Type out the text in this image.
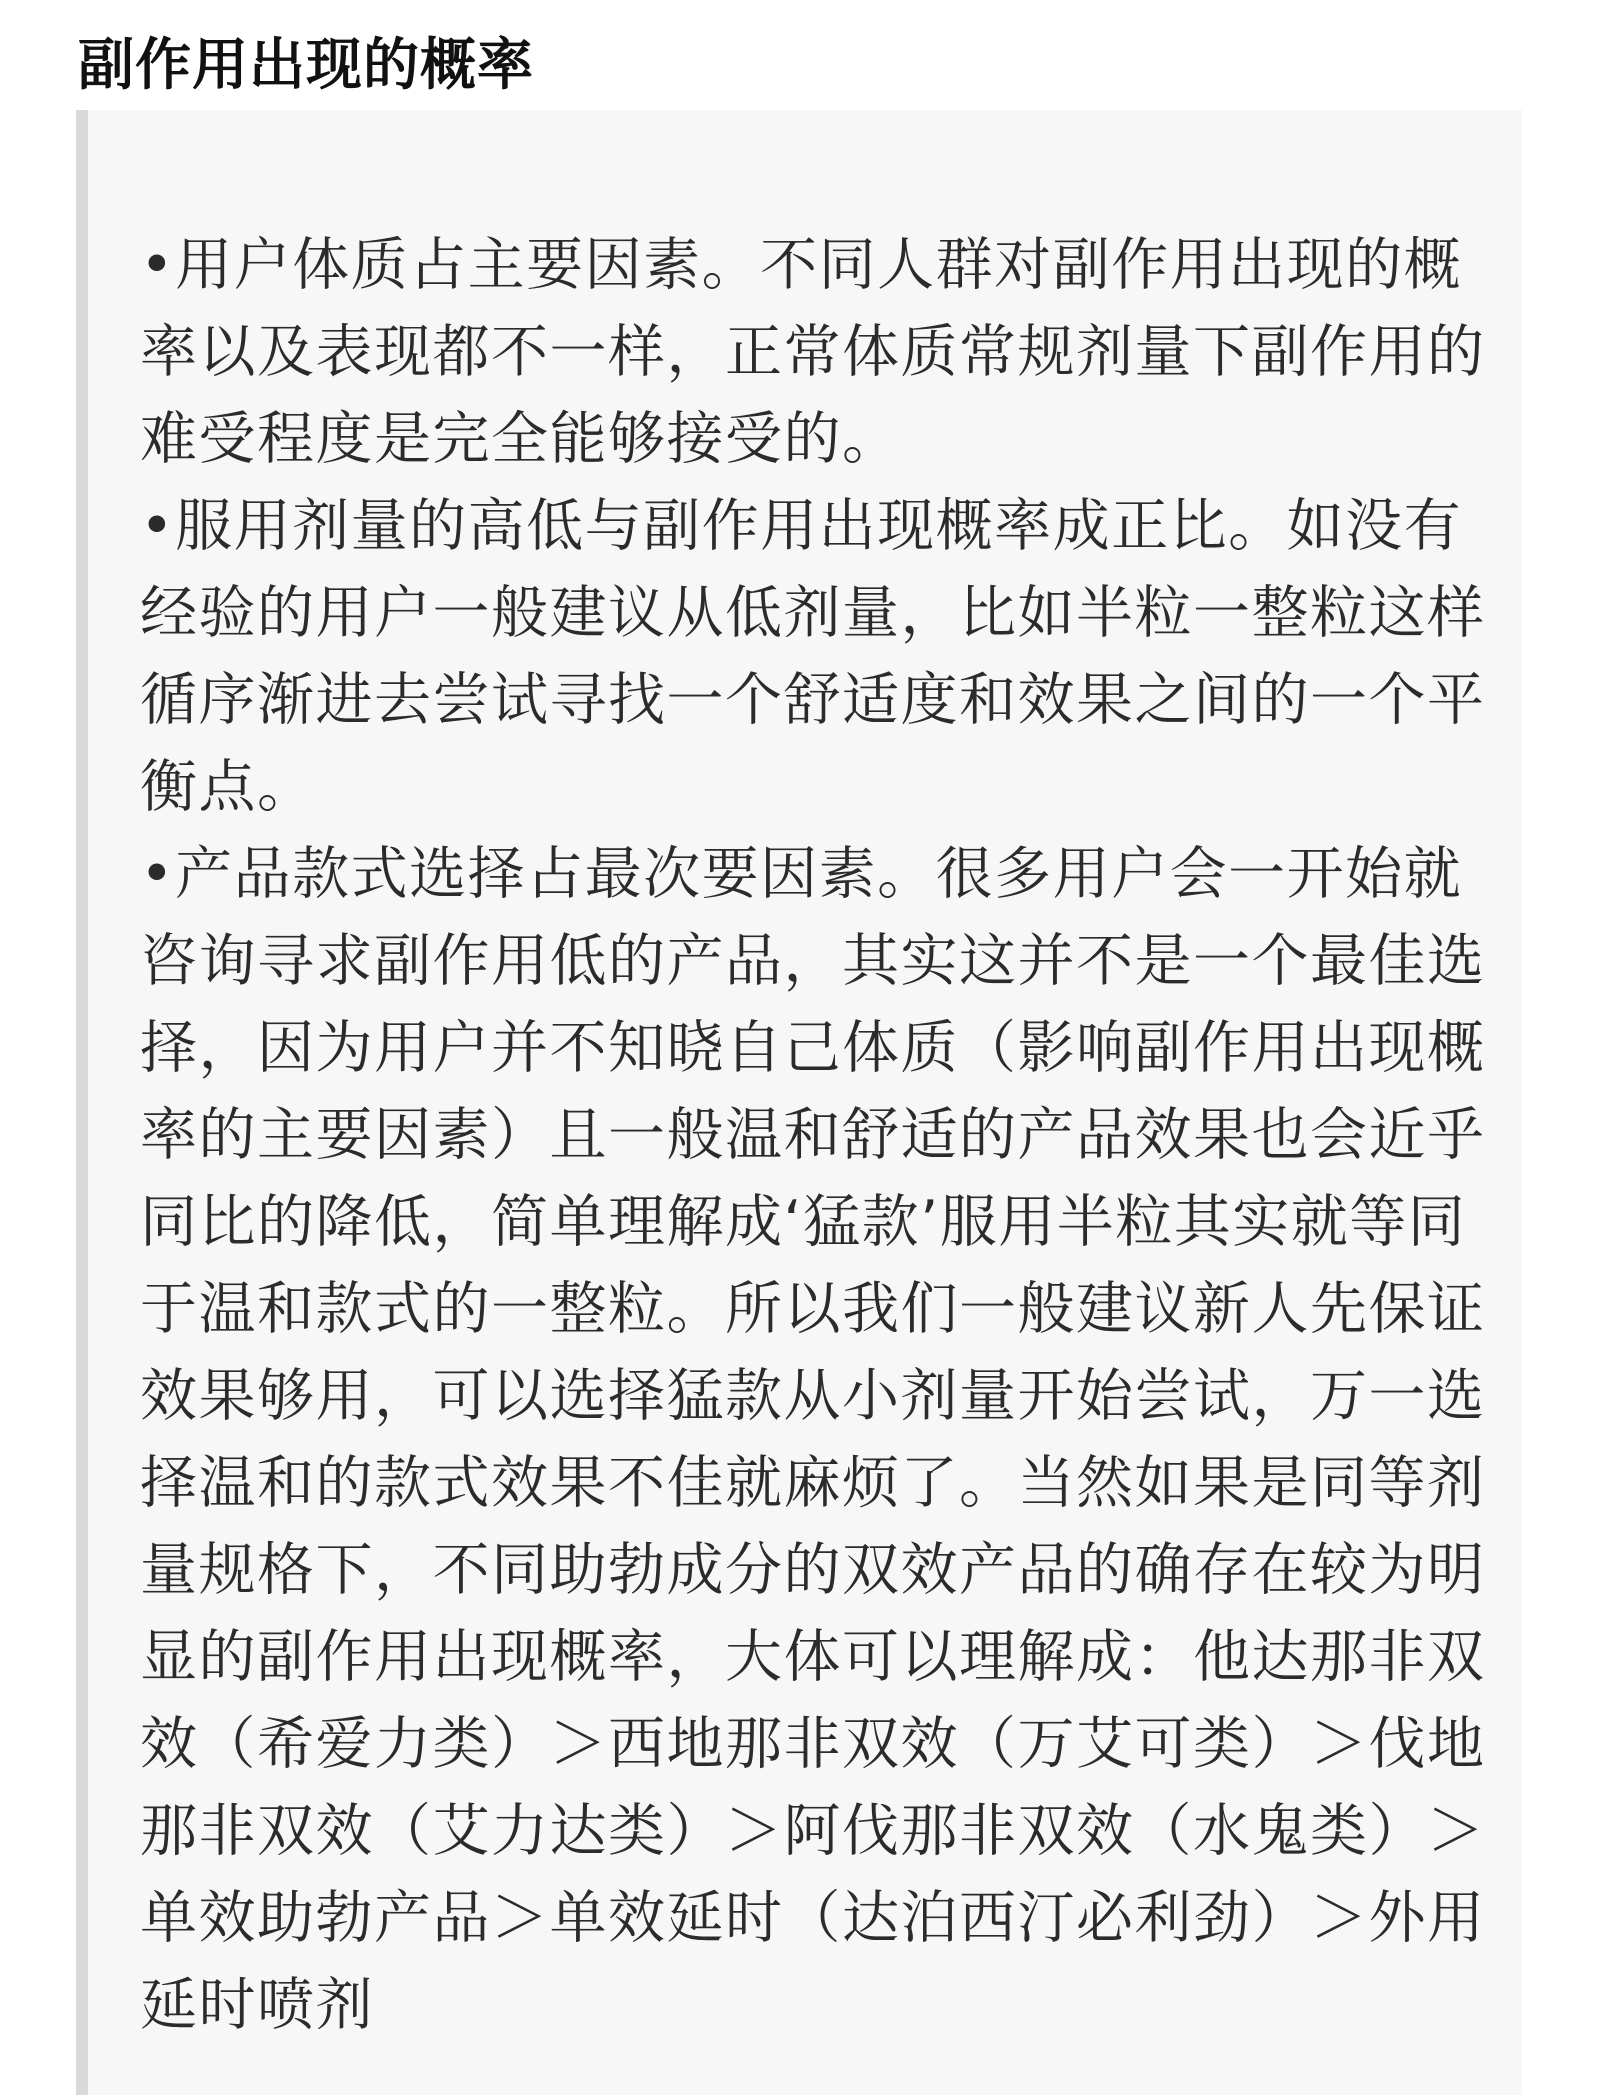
副作用出现的概率

•用户体质占主要因素。不同人群对副作用出现的概率以及表现都不一样，正常体质常规剂量下副作用的难受程度是完全能够接受的。

•服用剂量的高低与副作用出现概率成正比。如没有经验的用户一般建议从低剂量，比如半粒一整粒这样循序渐进去尝试寻找一个舒适度和效果之间的一个平衡点。

•产品款式选择占最次要因素。很多用户会一开始就咨询寻求副作用低的产品，其实这并不是一个最佳选择，因为用户并不知晓自己体质（影响副作用出现概率的主要因素）且一般温和舒适的产品效果也会近乎同比的降低，简单理解成‘猛款’服用半粒其实就等同于温和款式的一整粒。所以我们一般建议新人先保证效果够用，可以选择猛款从小剂量开始尝试，万一选择温和的款式效果不佳就麻烦了。当然如果是同等剂量规格下，不同助勃成分的双效产品的确存在较为明显的副作用出现概率，大体可以理解成：他达那非双效（希爱力类）＞西地那非双效（万艾可类）＞伐地那非双效（艾力达类）＞阿伐那非双效（水鬼类）＞单效助勃产品＞单效延时（达泊西汀必利劲）＞外用延时喷剂
